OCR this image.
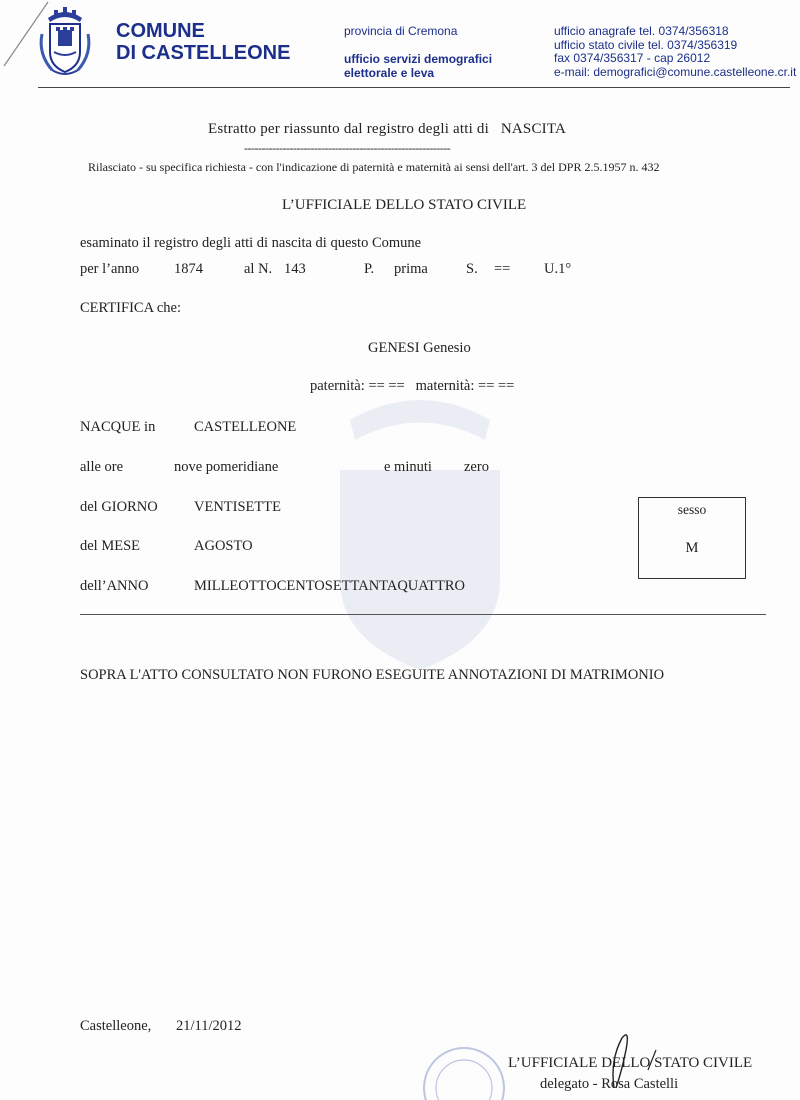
COMUNE
DI CASTELLEONE
provincia di Cremona
ufficio servizi demografici
elettorale e leva
ufficio anagrafe tel. 0374/356318
ufficio stato civile tel. 0374/356319
fax 0374/356317 - cap 26012
e-mail: demografici@comune.castelleone.cr.it
Estratto per riassunto dal registro degli atti di NASCITA
-----------------------------------------------------------
Rilasciato - su specifica richiesta - con l'indicazione di paternità e maternità ai sensi dell'art. 3 del DPR 2.5.1957 n. 432
L’UFFICIALE DELLO STATO CIVILE
esaminato il registro degli atti di nascita di questo Comune
per l’anno 1874	al N. 143	P. prima	S. == U.1°
CERTIFICA che:
GENESI Genesio
paternità: == == maternità: == ==
NACQUE in	CASTELLEONE
alle ore	nove pomeridiane	e minuti zero
del GIORNO	VENTISETTE
del MESE	AGOSTO
dell’ANNO	MILLEOTTOCENTOSETTANTAQUATTRO
sesso
M
SOPRA L'ATTO CONSULTATO NON FURONO ESEGUITE ANNOTAZIONI DI MATRIMONIO
Castelleone, 21/11/2012
L’UFFICIALE DELLO STATO CIVILE
delegato - Rosa Castelli
